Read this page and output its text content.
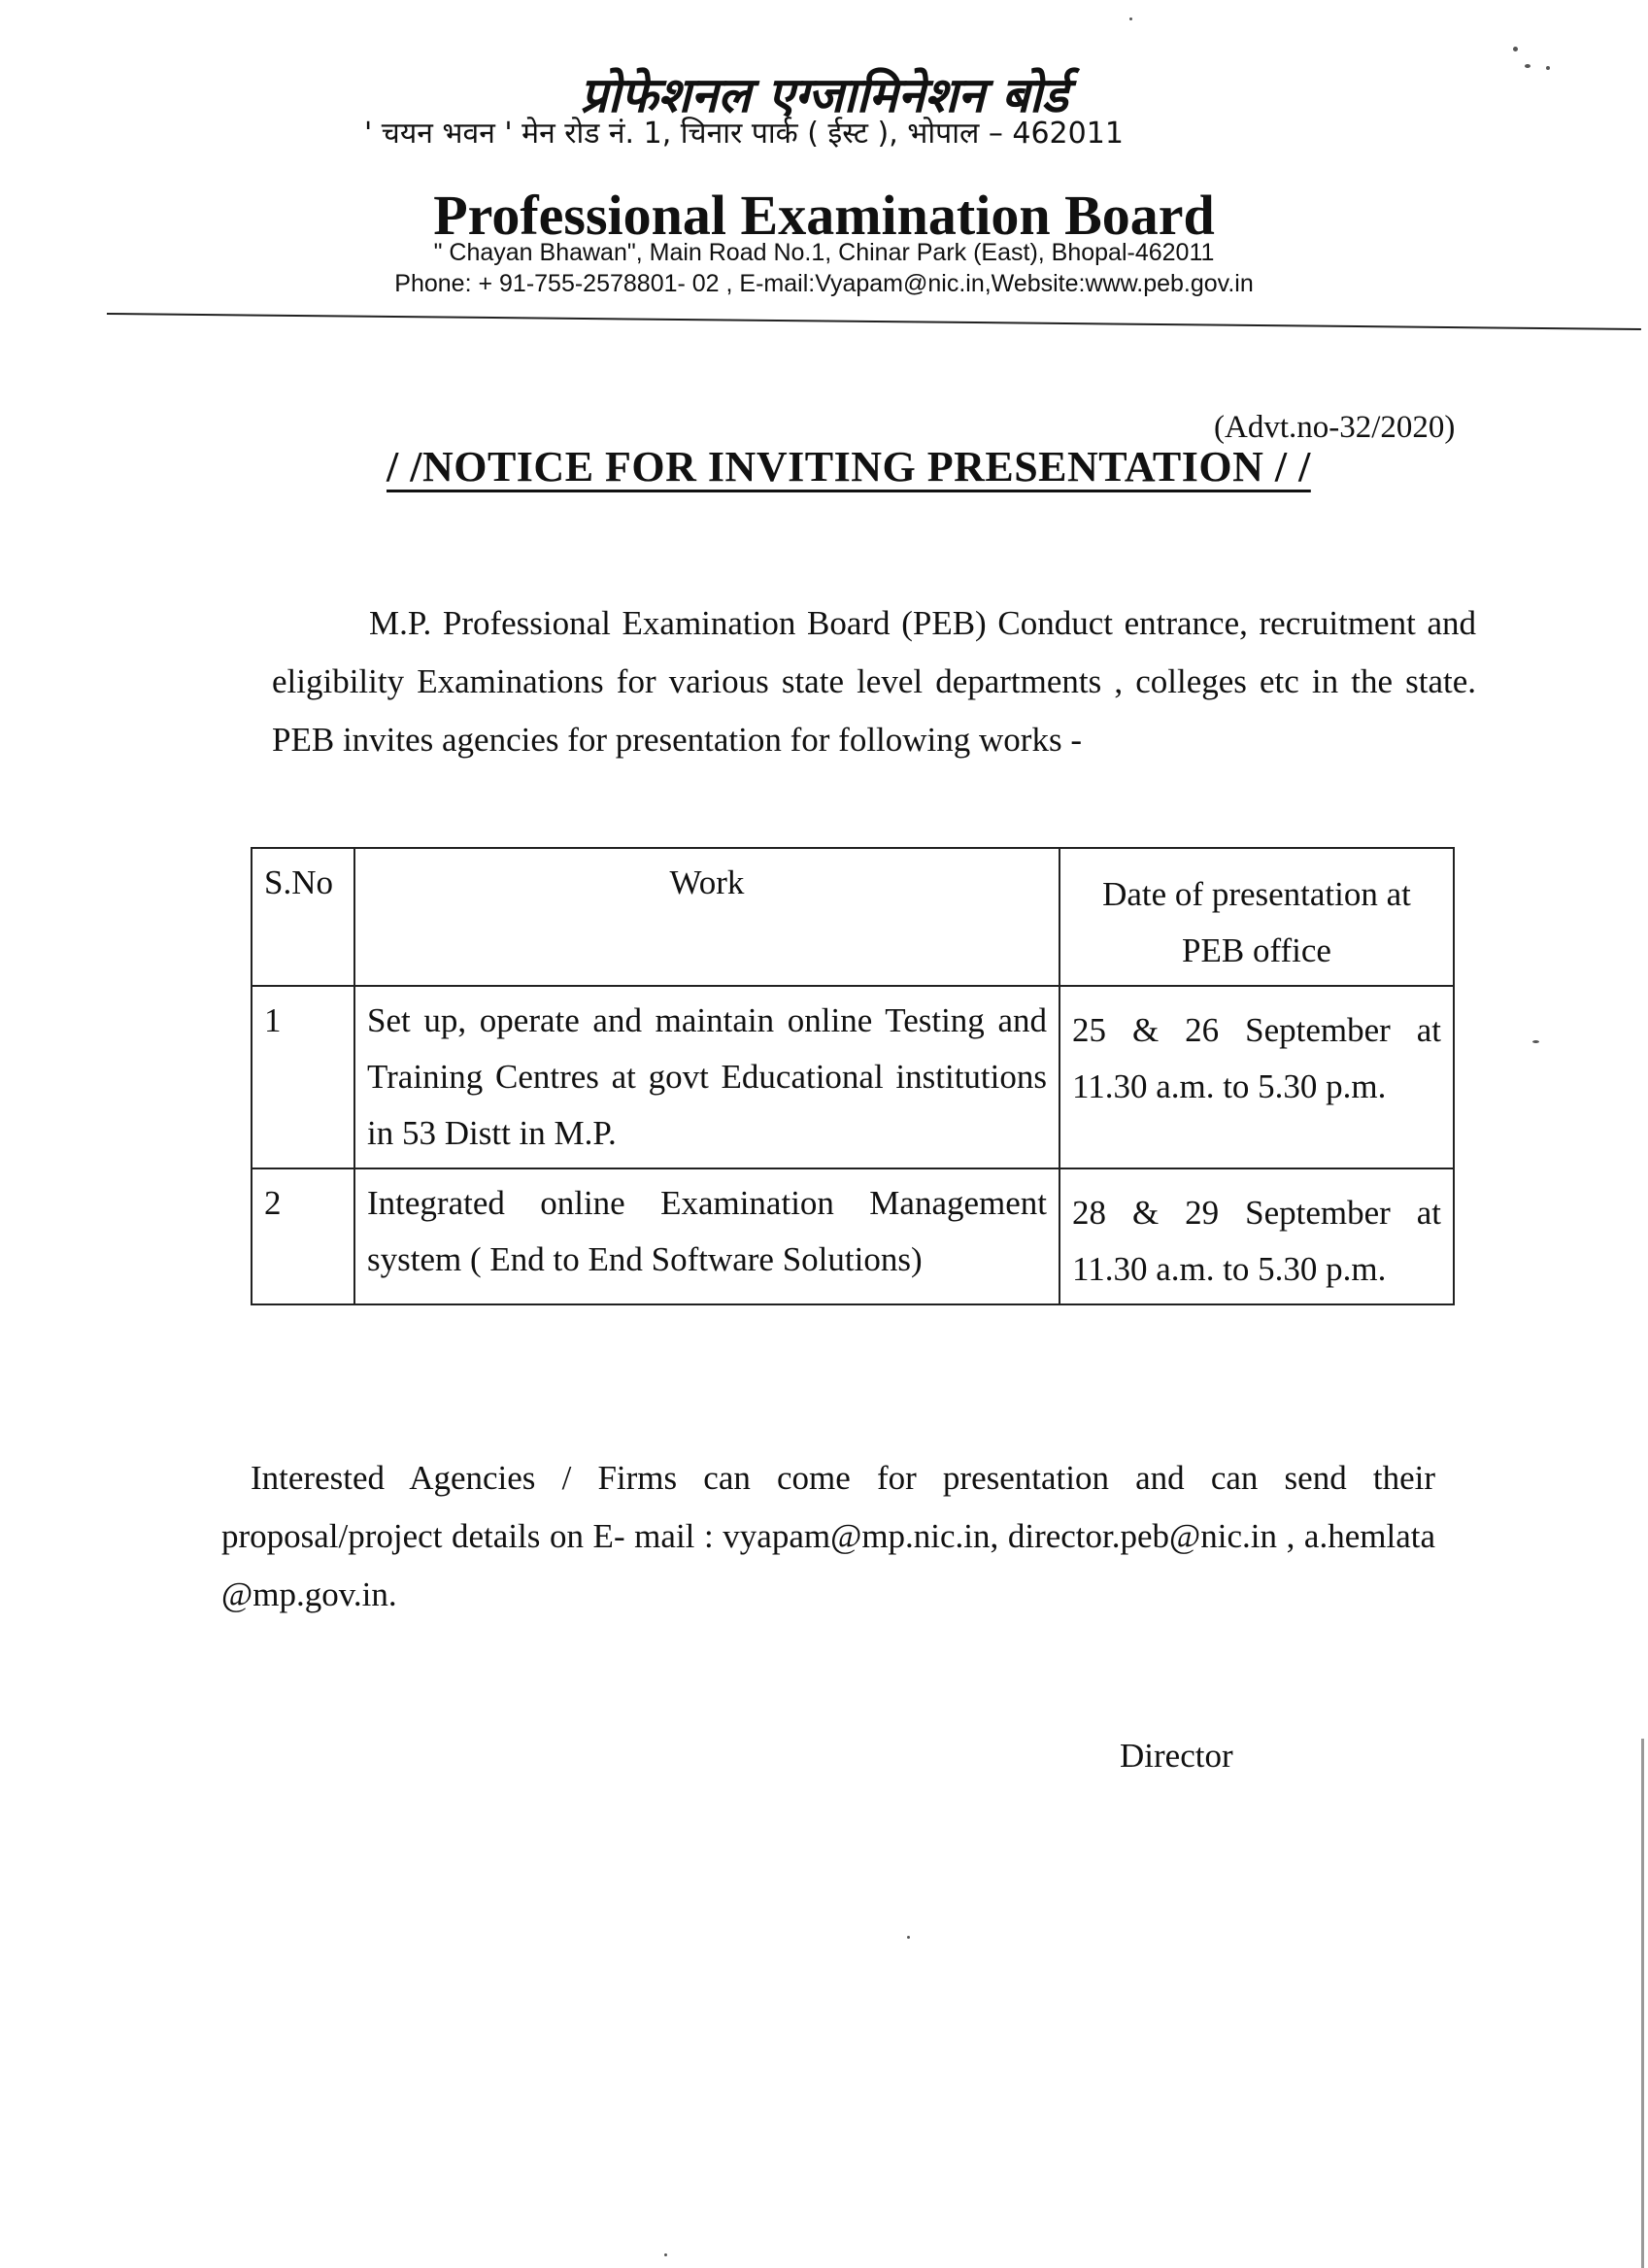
प्रोफेशनल एग्जामिनेशन बोर्ड
' चयन भवन ' मेन रोड नं. 1, चिनार पार्क ( ईस्ट ), भोपाल – 462011
Professional Examination Board
" Chayan Bhawan", Main Road No.1, Chinar Park (East), Bhopal-462011
Phone: + 91-755-2578801- 02 , E-mail:Vyapam@nic.in,Website:www.peb.gov.in
(Advt.no-32/2020)
/ /NOTICE FOR INVITING PRESENTATION / /
M.P. Professional Examination Board (PEB) Conduct entrance, recruitment and eligibility Examinations for various state level departments , colleges etc in the state. PEB invites agencies for presentation for following works -
S.No	Work	Date of presentation at PEB office
1	Set up, operate and maintain online Testing and Training Centres at govt Educational institutions in 53 Distt in M.P.	25 & 26 September at 11.30 a.m. to 5.30 p.m.
2	Integrated online Examination Management system ( End to End Software Solutions)	28 & 29 September at 11.30 a.m. to 5.30 p.m.
Interested Agencies / Firms can come for presentation and can send their proposal/project details on E- mail : vyapam@mp.nic.in, director.peb@nic.in , a.hemlata @mp.gov.in.
Director
